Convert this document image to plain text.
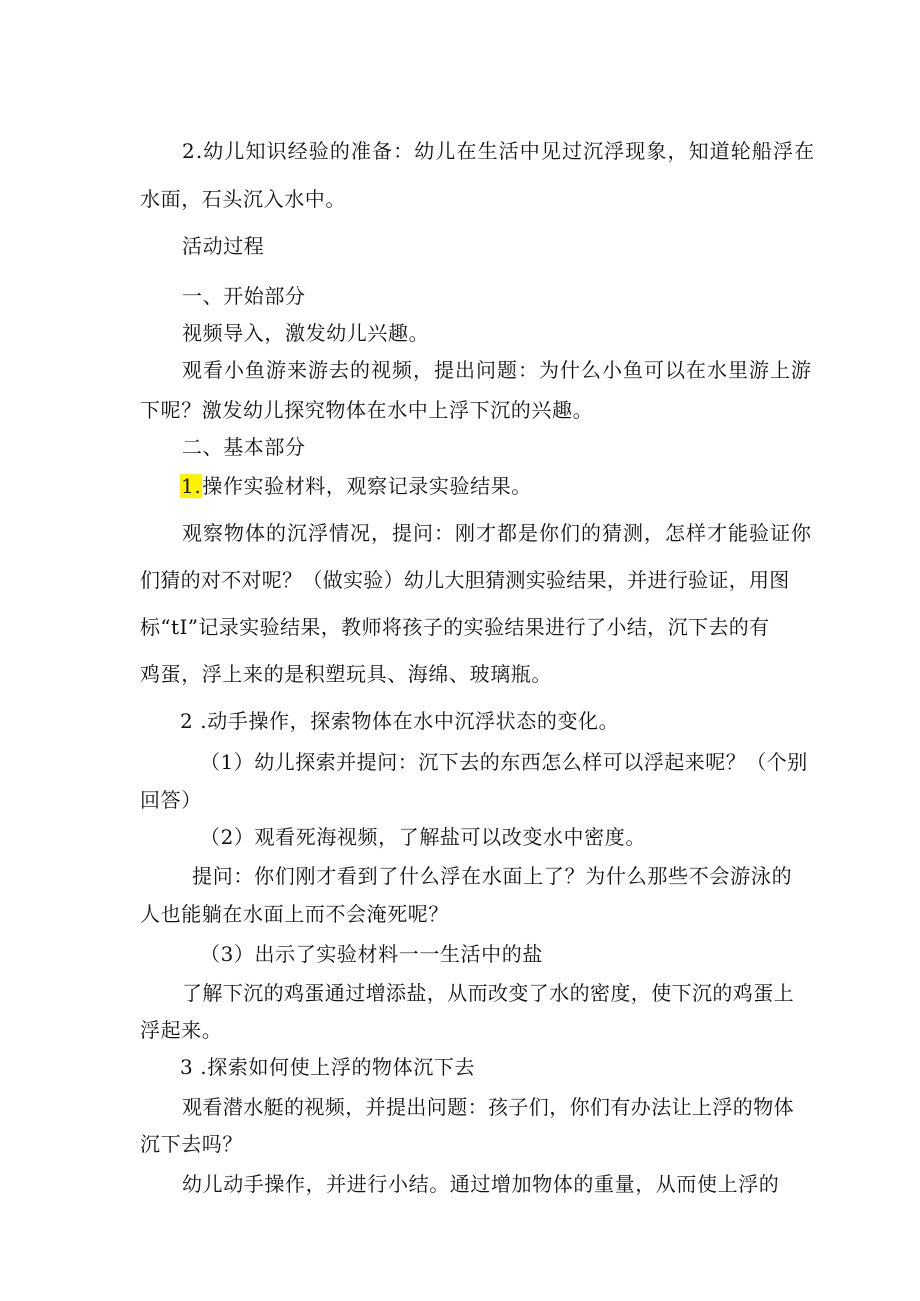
2.幼儿知识经验的准备：幼儿在生活中见过沉浮现象，知道轮船浮在
水面，石头沉入水中。
活动过程
一、开始部分
视频导入，激发幼儿兴趣。
观看小鱼游来游去的视频，提出问题：为什么小鱼可以在水里游上游
下呢？激发幼儿探究物体在水中上浮下沉的兴趣。
二、基本部分
1.操作实验材料，观察记录实验结果。
观察物体的沉浮情况，提问：刚才都是你们的猜测，怎样才能验证你
们猜的对不对呢？（做实验）幼儿大胆猜测实验结果，并进行验证，用图
标“tI”记录实验结果，教师将孩子的实验结果进行了小结，沉下去的有
鸡蛋，浮上来的是积塑玩具、海绵、玻璃瓶。
2 .动手操作，探索物体在水中沉浮状态的变化。
（1）幼儿探索并提问：沉下去的东西怎么样可以浮起来呢？（个别
回答）
（2）观看死海视频，了解盐可以改变水中密度。
提问：你们刚才看到了什么浮在水面上了？为什么那些不会游泳的
人也能躺在水面上而不会淹死呢？
（3）出示了实验材料一一生活中的盐
了解下沉的鸡蛋通过增添盐，从而改变了水的密度，使下沉的鸡蛋上
浮起来。
3 .探索如何使上浮的物体沉下去
观看潜水艇的视频，并提出问题：孩子们，你们有办法让上浮的物体
沉下去吗？
幼儿动手操作，并进行小结。通过增加物体的重量，从而使上浮的
